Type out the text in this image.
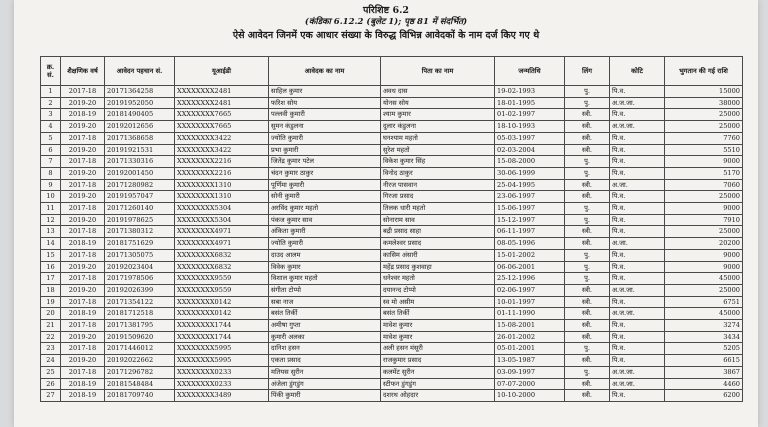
परिशिष्ट 6.2
(कंडिका 6.12.2 (बुलेट 1); पृष्ठ 81 में संदर्भित)
ऐसे आवेदन जिनमें एक आधार संख्या के विरुद्ध विभिन्न आवेदकों के नाम दर्ज किए गए थे
क्र. सं.	शैक्षणिक वर्ष	आवेदन पहचान सं.	यूआईडी	आवेदक का नाम	पिता का नाम	जन्मतिथि	लिंग	कोटि	भुगतान की गई राशि
1	2017-18	20171364258	XXXXXXXX2481	साहिल कुमार	अवध दास	19-02-1993	पु.	पि.व.	15000
2	2019-20	20191952050	XXXXXXXX2481	फरिश सोय	योनस सोय	18-01-1995	पु.	अ.ज.जा.	38000
3	2018-19	20181490405	XXXXXXXX7665	पल्लवी कुमारी	श्याम कुमार	01-02-1997	स्त्री.	पि.व.	25000
4	2019-20	20192012656	XXXXXXXX7665	सुमन कंडुलना	दुलार कंडुलना	18-10-1993	स्त्री.	अ.ज.जा.	25000
5	2017-18	20171368658	XXXXXXXX3422	ज्योति कुमारी	घनश्याम महतो	05-03-1997	स्त्री.	पि.व.	7760
6	2019-20	20191921531	XXXXXXXX3422	प्रभा कुमारी	सुरेश महतो	02-03-2004	स्त्री.	पि.व.	5510
7	2017-18	20171330316	XXXXXXXX2216	जितेंद्र कुमार पटेल	विकेश कुमार सिंह	15-08-2000	पु.	पि.व.	9000
8	2019-20	20192001450	XXXXXXXX2216	चंदन कुमार ठाकुर	विनोद ठाकुर	30-06-1999	पु.	पि.व.	5170
9	2017-18	20171280982	XXXXXXXX1310	पूर्णिमा कुमारी	नीरज पासवान	25-04-1995	स्त्री.	अ.जा.	7060
10	2019-20	20191957047	XXXXXXXX1310	सोनी कुमारी	गिरजा प्रसाद	23-06-1997	स्त्री.	पि.व.	25000
11	2017-18	20171260140	XXXXXXXX5304	अरविंद कुमार महतो	तिलक धारी महतो	15-06-1997	पु.	पि.व.	9000
12	2019-20	20191978625	XXXXXXXX5304	पंकज कुमार साव	सोनाराम साव	15-12-1997	पु.	पि.व.	7910
13	2017-18	20171380312	XXXXXXXX4971	अंकिता कुमारी	बद्री प्रसाद साहा	06-11-1997	स्त्री.	पि.व.	25000
14	2018-19	20181751629	XXXXXXXX4971	ज्योति कुमारी	कमलेश्वर प्रसाद	08-05-1996	स्त्री.	अ.जा.	20200
15	2017-18	20171305075	XXXXXXXX6832	दाउद आलम	कासिम अंसारी	15-01-2002	पु.	पि.व.	9000
16	2019-20	20192023404	XXXXXXXX6832	विवेक कुमार	महेंद्र प्रसाद कुशवाहा	06-06-2001	पु.	पि.व.	9000
17	2017-18	20171978506	XXXXXXXX9559	विशाल कुमार महतो	धनेश्वर महतो	25-12-1996	पु.	पि.व.	45000
18	2019-20	20192026399	XXXXXXXX9559	संगीता टोप्पो	दयानन्द टोप्पो	02-06-1997	स्त्री.	अ.ज.जा.	25000
19	2017-18	20171354122	XXXXXXXX0142	सबा नाज	स्व मो असीम	10-01-1997	स्त्री.	पि.व.	6751
20	2018-19	20181712518	XXXXXXXX0142	बसंत तिर्की	बसंत तिर्की	01-11-1990	स्त्री.	अ.ज.जा.	45000
21	2017-18	20171381795	XXXXXXXX1744	अमीषा गुप्ता	मावेश कुमार	15-08-2001	स्त्री.	पि.व.	3274
22	2019-20	20191509620	XXXXXXXX1744	कुमारी अलका	मावेश कुमार	26-01-2002	स्त्री.	पि.व.	3434
23	2017-18	20171446012	XXXXXXXX5995	दानिश हसन	अली हसन मंसूरी	05-01-2001	पु.	पि.व.	5205
24	2019-20	20192022662	XXXXXXXX5995	एकता प्रसाद	राजकुमार प्रसाद	13-05-1987	स्त्री.	पि.व.	6615
25	2017-18	20171296782	XXXXXXXX0233	मतियस सुरीन	कलमेंट सुरीन	03-09-1997	पु.	अ.ज.जा.	3867
26	2018-19	20181548484	XXXXXXXX0233	अंजेला डुंगडुंग	स्टीफन डुंगडुंग	07-07-2000	स्त्री.	अ.ज.जा.	4460
27	2018-19	20181709740	XXXXXXXX3489	पिंकी कुमारी	दशरथ ओहदार	10-10-2000	स्त्री.	पि.व.	6200
